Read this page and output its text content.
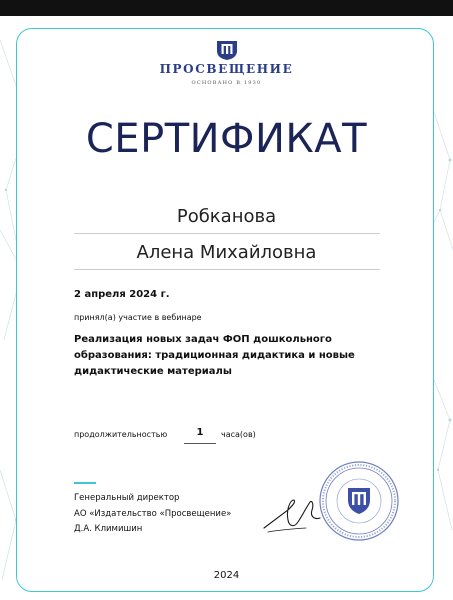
ПРОСВЕЩЕНИЕ
ОСНОВАНО В 1930
СЕРТИФИКАТ
Робканова
Алена Михайловна
2 апреля 2024 г.
принял(а) участие в вебинаре
Реализация новых задач ФОП дошкольного образования: традиционная дидактика и новые дидактические материалы
продолжительностью	1	часа(ов)
Генеральный директор
АО «Издательство «Просвещение»
Д.А. Климишин
2024
